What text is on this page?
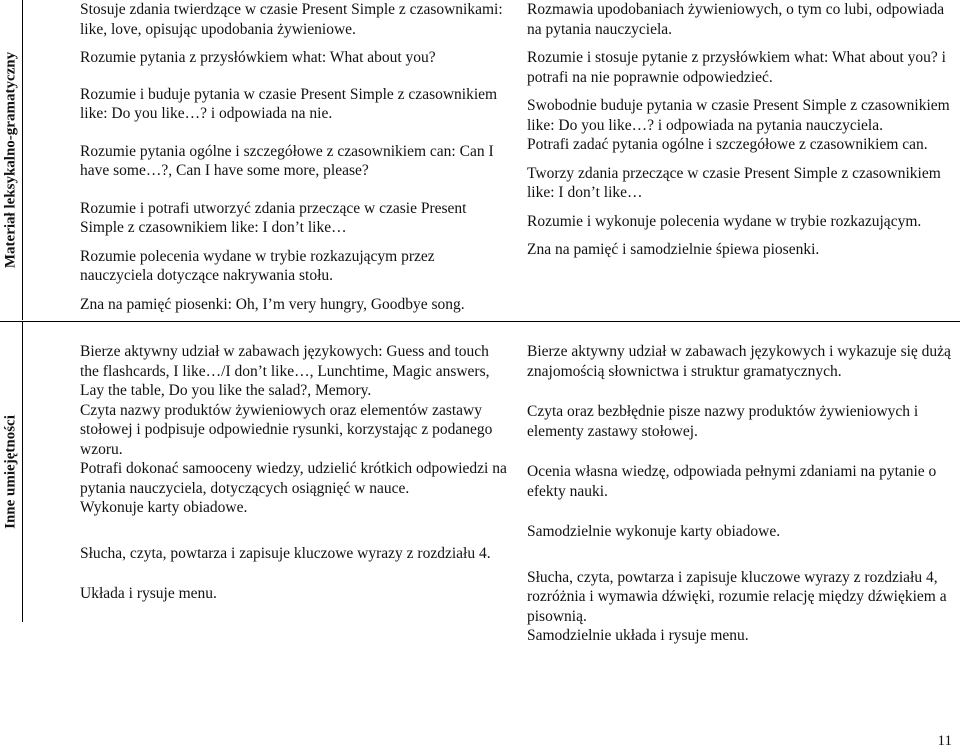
Materiał leksykalno-gramatyczny

Stosuje zdania twierdzące w czasie Present Simple z czasownikami: like, love, opisując upodobania żywieniowe.

Rozumie pytania z przysłówkiem what: What about you?

Rozumie i buduje pytania w czasie Present Simple z czasownikiem like: Do you like…? i odpowiada na nie.

Rozumie pytania ogólne i szczegółowe z czasownikiem can: Can I have some…?, Can I have some more, please?

Rozumie i potrafi utworzyć zdania przeczące w czasie Present Simple z czasownikiem like: I don’t like…

Rozumie polecenia wydane w trybie rozkazującym przez nauczyciela dotyczące nakrywania stołu.

Zna na pamięć piosenki: Oh, I’m very hungry, Goodbye song.

Rozmawia upodobaniach żywieniowych, o tym co lubi, odpowiada na pytania nauczyciela.

Rozumie i stosuje pytanie z przysłówkiem what: What about you? i potrafi na nie poprawnie odpowiedzieć.

Swobodnie buduje pytania w czasie Present Simple z czasownikiem like: Do you like…? i odpowiada na pytania nauczyciela.

Potrafi zadać pytania ogólne i szczegółowe z czasownikiem can.

Tworzy zdania przeczące w czasie Present Simple z czasownikiem like: I don’t like…

Rozumie i wykonuje polecenia wydane w trybie rozkazującym.

Zna na pamięć i samodzielnie śpiewa piosenki.

Inne umiejętności

Bierze aktywny udział w zabawach językowych: Guess and touch the flashcards, I like…/I don’t like…, Lunchtime, Magic answers, Lay the table, Do you like the salad?, Memory.

Czyta nazwy produktów żywieniowych oraz elementów zastawy stołowej i podpisuje odpowiednie rysunki, korzystając z podanego wzoru.

Potrafi dokonać samooceny wiedzy, udzielić krótkich odpowiedzi na pytania nauczyciela, dotyczących osiągnięć w nauce.

Wykonuje karty obiadowe.

Słucha, czyta, powtarza i zapisuje kluczowe wyrazy z rozdziału 4.

Układa i rysuje menu.

Bierze aktywny udział w zabawach językowych i wykazuje się dużą znajomością słownictwa i struktur gramatycznych.

Czyta oraz bezbłędnie pisze nazwy produktów żywieniowych i elementy zastawy stołowej.

Ocenia własna wiedzę, odpowiada pełnymi zdaniami na pytanie o efekty nauki.

Samodzielnie wykonuje karty obiadowe.

Słucha, czyta, powtarza i zapisuje kluczowe wyrazy z rozdziału 4, rozróżnia i wymawia dźwięki, rozumie relację między dźwiękiem a pisownią.

Samodzielnie układa i rysuje menu.

11
